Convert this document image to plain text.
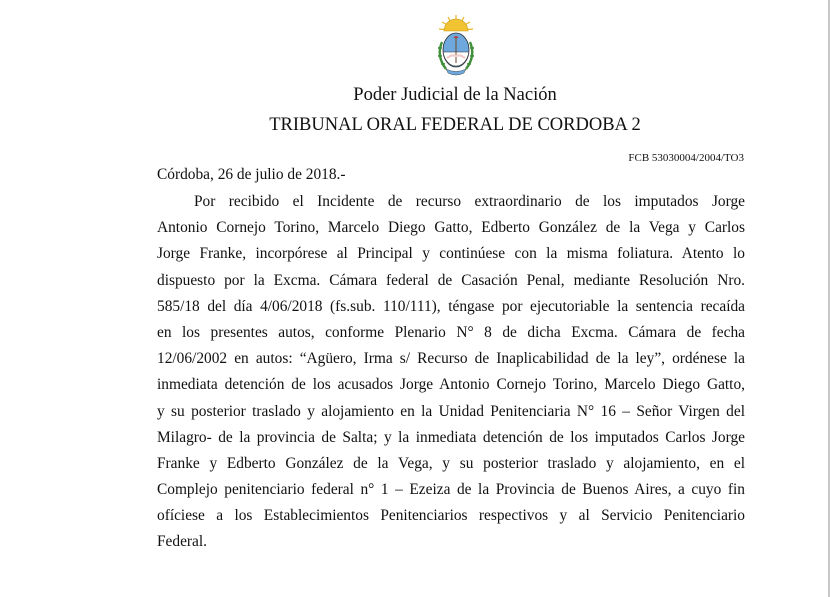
Poder Judicial de la Nación
TRIBUNAL ORAL FEDERAL DE CORDOBA 2
FCB 53030004/2004/TO3
Córdoba, 26 de julio de 2018.-
Por recibido el Incidente de recurso extraordinario de los imputados Jorge
Antonio Cornejo Torino, Marcelo Diego Gatto, Edberto González de la Vega y Carlos
Jorge Franke, incorpórese al Principal y continúese con la misma foliatura. Atento lo
dispuesto por la Excma. Cámara federal de Casación Penal, mediante Resolución Nro.
585/18 del día 4/06/2018 (fs.sub. 110/111), téngase por ejecutoriable la sentencia recaída
en los presentes autos, conforme Plenario N° 8 de dicha Excma. Cámara de fecha
12/06/2002 en autos: “Agüero, Irma s/ Recurso de Inaplicabilidad de la ley”, ordénese la
inmediata detención de los acusados Jorge Antonio Cornejo Torino, Marcelo Diego Gatto,
y su posterior traslado y alojamiento en la Unidad Penitenciaria N° 16 – Señor Virgen del
Milagro- de la provincia de Salta; y la inmediata detención de los imputados Carlos Jorge
Franke y Edberto González de la Vega, y su posterior traslado y alojamiento, en el
Complejo penitenciario federal n° 1 – Ezeiza de la Provincia de Buenos Aires, a cuyo fin
ofíciese a los Establecimientos Penitenciarios respectivos y al Servicio Penitenciario
Federal.
